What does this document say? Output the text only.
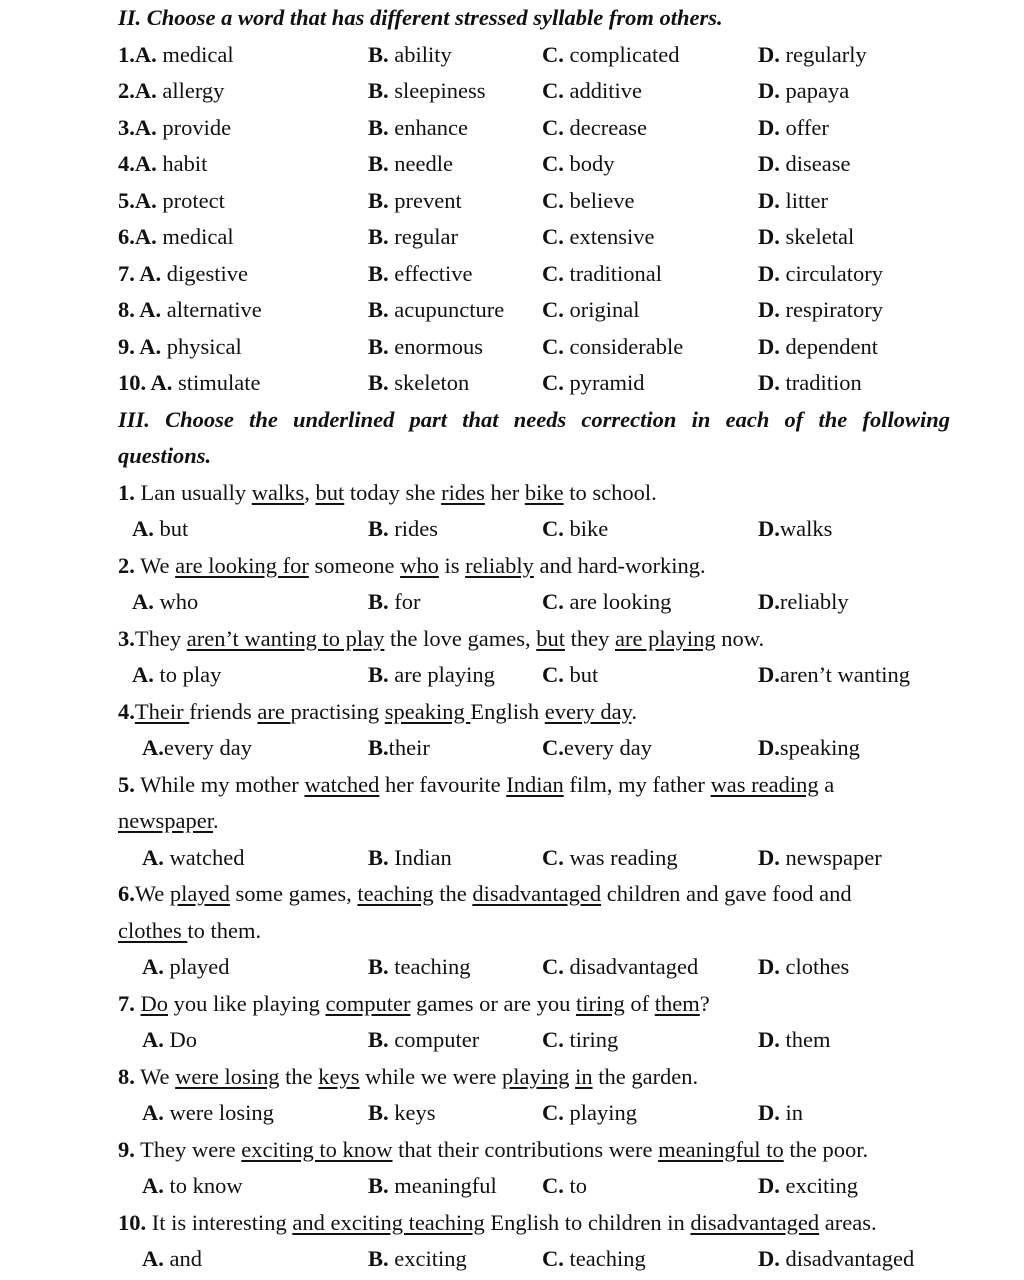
II. Choose a word that has different stressed syllable from others.
1.A. medical	B. ability	C. complicated	D. regularly
2.A. allergy	B. sleepiness	C. additive	D. papaya
3.A. provide	B. enhance	C. decrease	D. offer
4.A. habit	B. needle	C. body	D. disease
5.A. protect	B. prevent	C. believe	D. litter
6.A. medical	B. regular	C. extensive	D. skeletal
7. A. digestive	B. effective	C. traditional	D. circulatory
8. A. alternative	B. acupuncture C. original	D. respiratory
9. A. physical	B. enormous	C. considerable	D. dependent
10. A. stimulate	B. skeleton	C. pyramid	D. tradition
III. Choose the underlined part that needs correction in each of the following
questions.
1. Lan usually walks, but today she rides her bike to school.
A. but	B. rides	C. bike	D.walks
2. We are looking for someone who is reliably and hard-working.
A. who	B. for	C. are looking	D.reliably
3.They aren’t wanting to play the love games, but they are playing now.
A. to play	B. are playing C. but	D.aren’t wanting
4.Their friends are practising speaking English every day.
A.every day	B.their	C.every day	D.speaking
5. While my mother watched her favourite Indian film, my father was reading a
newspaper.
A. watched	B. Indian	C. was reading	D. newspaper
6.We played some games, teaching the disadvantaged children and gave food and
clothes to them.
A. played	B. teaching	C. disadvantaged	D. clothes
7. Do you like playing computer games or are you tiring of them?
A. Do	B. computer	C. tiring	D. them
8. We were losing the keys while we were playing in the garden.
A. were losing	B. keys	C. playing	D. in
9. They were exciting to know that their contributions were meaningful to the poor.
A. to know	B. meaningful C. to	D. exciting
10. It is interesting and exciting teaching English to children in disadvantaged areas.
A. and	B. exciting	C. teaching	D. disadvantaged
